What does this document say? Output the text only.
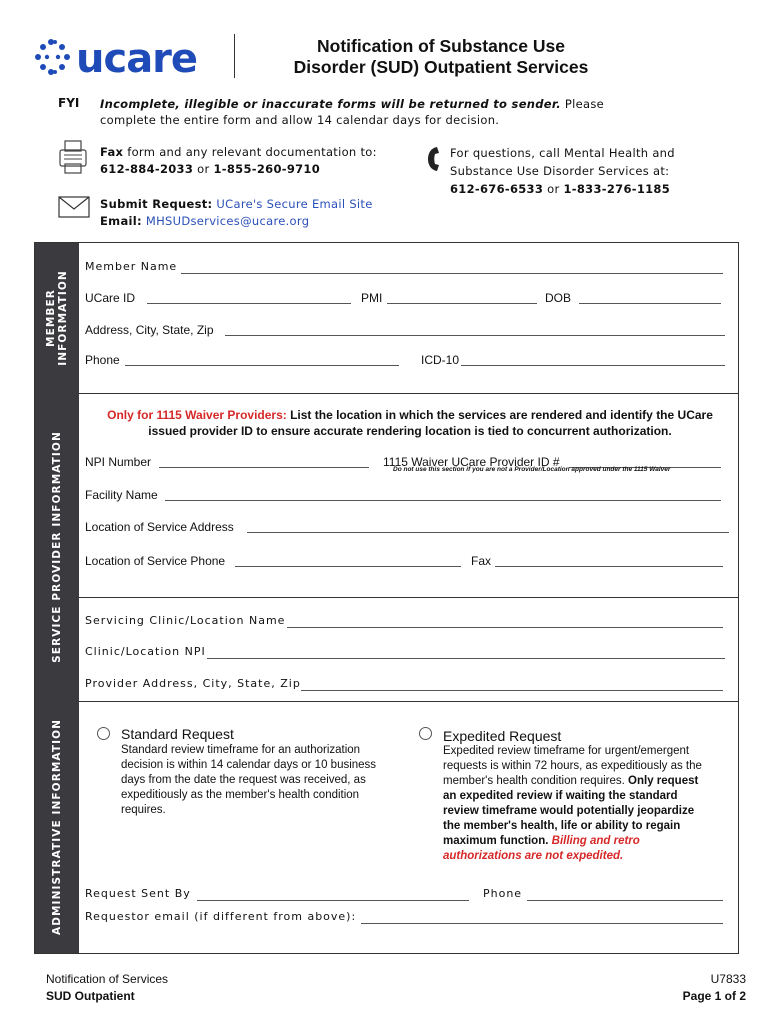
ucare	Notification of Substance Use
Disorder (SUD) Outpatient Services
FYI Incomplete, illegible or inaccurate forms will be returned to sender. Please
complete the entire form and allow 14 calendar days for decision.
Fax form and any relevant documentation to:
612-884-2033 or 1-855-260-9710
For questions, call Mental Health and
Substance Use Disorder Services at:
612-676-6533 or 1-833-276-1185
Submit Request: UCare's Secure Email Site
Email: MHSUDservices@ucare.org
MEMBER INFORMATION
SERVICE PROVIDER INFORMATION
ADMINISTRATIVE INFORMATION
Member Name
UCare ID	PMI	DOB
Address, City, State, Zip
Phone	ICD-10
Only for 1115 Waiver Providers: List the location in which the services are rendered and identify the UCare
issued provider ID to ensure accurate rendering location is tied to concurrent authorization.
NPI Number	1115 Waiver UCare Provider ID #
Do not use this section if you are not a Provider/Location approved under the 1115 Waiver
Facility Name
Location of Service Address
Location of Service Phone	Fax
Servicing Clinic/Location Name
Clinic/Location NPI
Provider Address, City, State, Zip
Standard Request
Standard review timeframe for an authorization
decision is within 14 calendar days or 10 business
days from the date the request was received, as
expeditiously as the member's health condition
requires.
Expedited Request
Expedited review timeframe for urgent/emergent
requests is within 72 hours, as expeditiously as the
member's health condition requires. Only request
an expedited review if waiting the standard
review timeframe would potentially jeopardize
the member's health, life or ability to regain
maximum function. Billing and retro
authorizations are not expedited.
Request Sent By	Phone
Requestor email (if different from above):
Notification of Services
SUD Outpatient
U7833
Page 1 of 2
